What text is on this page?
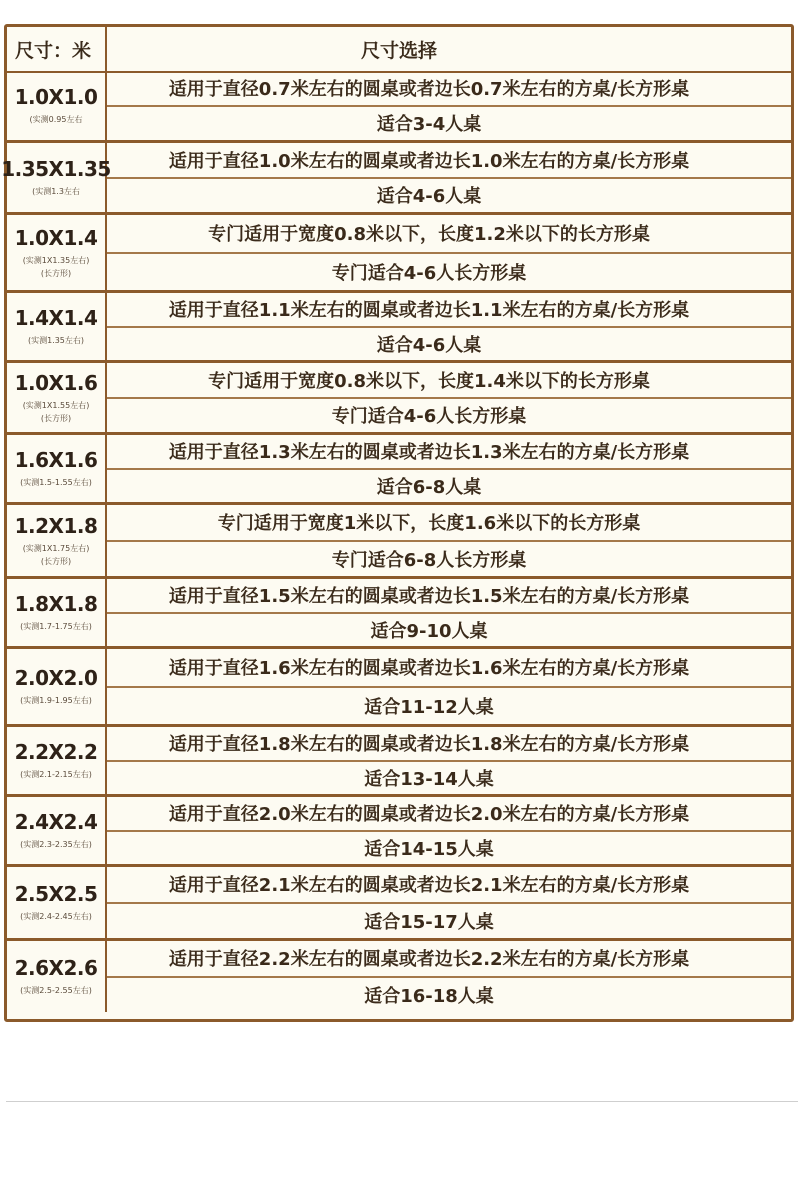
尺寸：米	尺寸选择
1.0X1.0
(实测0.95左右
适用于直径0.7米左右的圆桌或者边长0.7米左右的方桌/长方形桌
适合3-4人桌
1.35X1.35
(实测1.3左右
适用于直径1.0米左右的圆桌或者边长1.0米左右的方桌/长方形桌
适合4-6人桌
1.0X1.4
(实测1X1.35左右)
(长方形)
专门适用于宽度0.8米以下，长度1.2米以下的长方形桌
专门适合4-6人长方形桌
1.4X1.4
(实测1.35左右)
适用于直径1.1米左右的圆桌或者边长1.1米左右的方桌/长方形桌
适合4-6人桌
1.0X1.6
(实测1X1.55左右)
(长方形)
专门适用于宽度0.8米以下，长度1.4米以下的长方形桌
专门适合4-6人长方形桌
1.6X1.6
(实测1.5-1.55左右)
适用于直径1.3米左右的圆桌或者边长1.3米左右的方桌/长方形桌
适合6-8人桌
1.2X1.8
(实测1X1.75左右)
(长方形)
专门适用于宽度1米以下，长度1.6米以下的长方形桌
专门适合6-8人长方形桌
1.8X1.8
(实测1.7-1.75左右)
适用于直径1.5米左右的圆桌或者边长1.5米左右的方桌/长方形桌
适合9-10人桌
2.0X2.0
(实测1.9-1.95左右)
适用于直径1.6米左右的圆桌或者边长1.6米左右的方桌/长方形桌
适合11-12人桌
2.2X2.2
(实测2.1-2.15左右)
适用于直径1.8米左右的圆桌或者边长1.8米左右的方桌/长方形桌
适合13-14人桌
2.4X2.4
(实测2.3-2.35左右)
适用于直径2.0米左右的圆桌或者边长2.0米左右的方桌/长方形桌
适合14-15人桌
2.5X2.5
(实测2.4-2.45左右)
适用于直径2.1米左右的圆桌或者边长2.1米左右的方桌/长方形桌
适合15-17人桌
2.6X2.6
(实测2.5-2.55左右)
适用于直径2.2米左右的圆桌或者边长2.2米左右的方桌/长方形桌
适合16-18人桌
